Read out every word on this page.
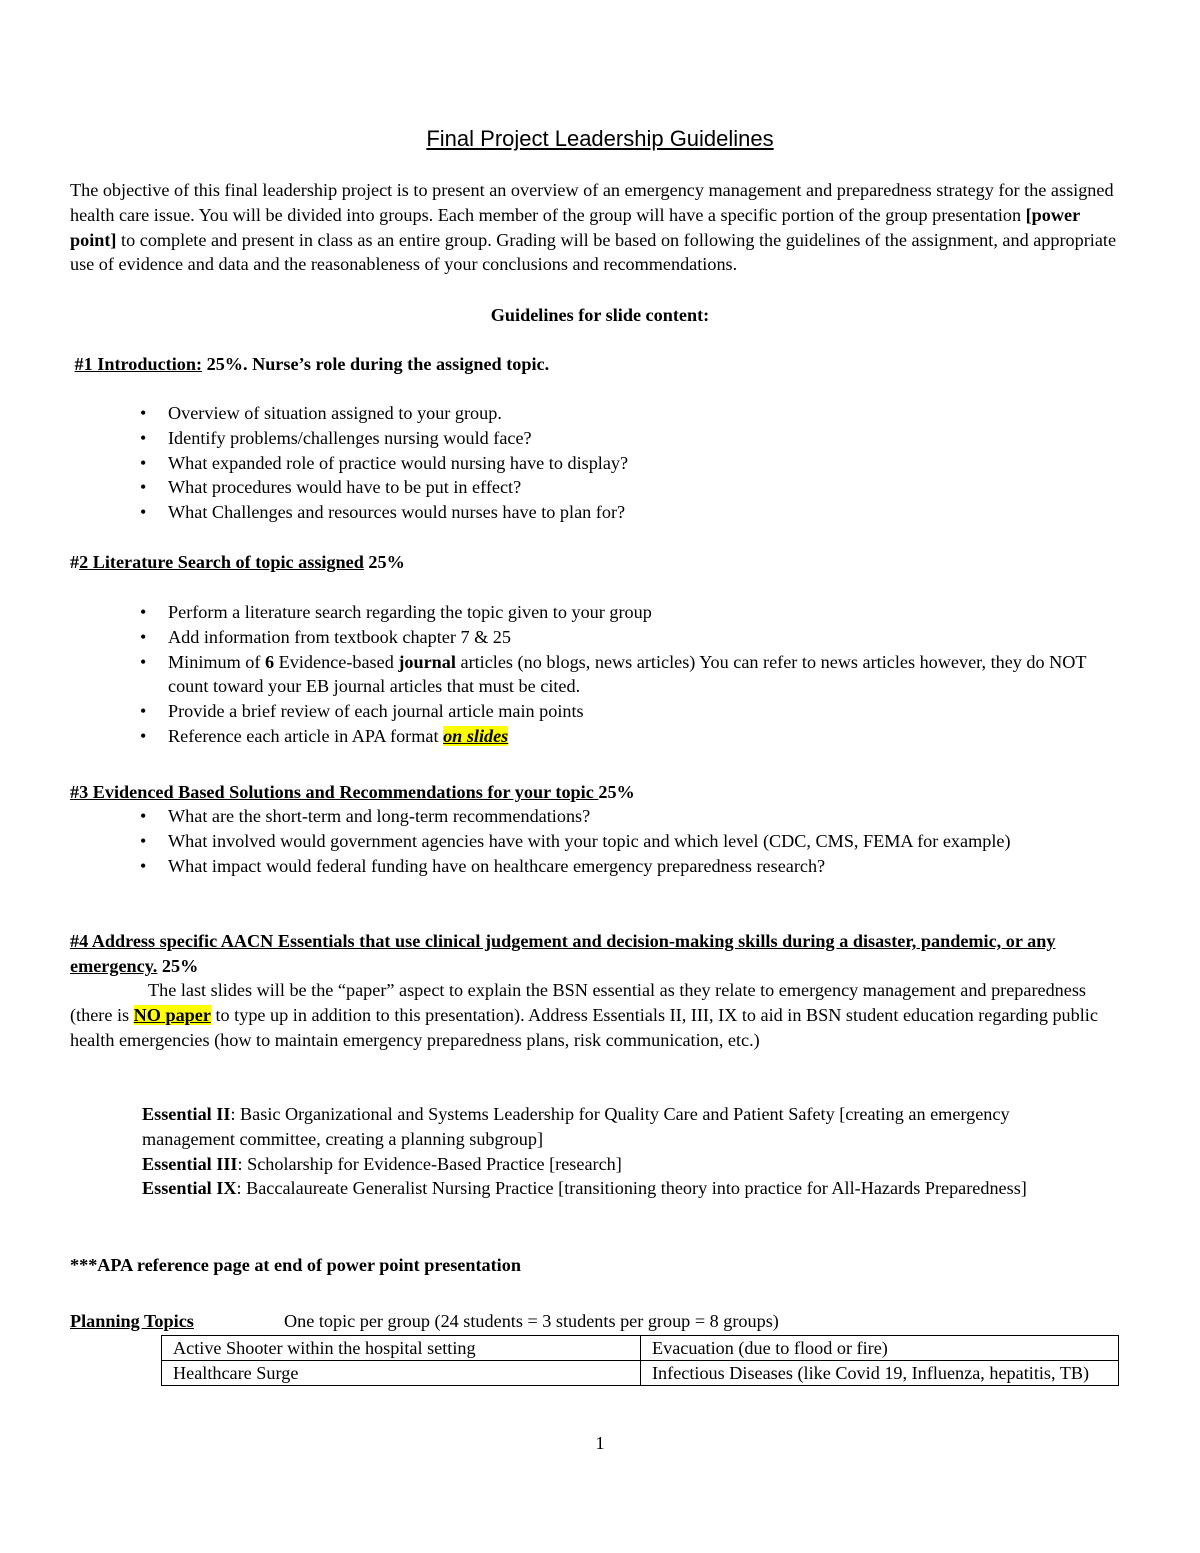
Final Project Leadership Guidelines

The objective of this final leadership project is to present an overview of an emergency management and preparedness strategy for the assigned health care issue. You will be divided into groups. Each member of the group will have a specific portion of the group presentation [power point] to complete and present in class as an entire group. Grading will be based on following the guidelines of the assignment, and appropriate use of evidence and data and the reasonableness of your conclusions and recommendations.

Guidelines for slide content:

#1 Introduction: 25%. Nurse’s role during the assigned topic.

• Overview of situation assigned to your group.
• Identify problems/challenges nursing would face?
• What expanded role of practice would nursing have to display?
• What procedures would have to be put in effect?
• What Challenges and resources would nurses have to plan for?

#2 Literature Search of topic assigned 25%

• Perform a literature search regarding the topic given to your group
• Add information from textbook chapter 7 & 25
• Minimum of 6 Evidence-based journal articles (no blogs, news articles) You can refer to news articles however, they do NOT count toward your EB journal articles that must be cited.
• Provide a brief review of each journal article main points
• Reference each article in APA format on slides

#3 Evidenced Based Solutions and Recommendations for your topic 25%

• What are the short-term and long-term recommendations?
• What involved would government agencies have with your topic and which level (CDC, CMS, FEMA for example)
• What impact would federal funding have on healthcare emergency preparedness research?

#4 Address specific AACN Essentials that use clinical judgement and decision-making skills during a disaster, pandemic, or any emergency. 25%

The last slides will be the “paper” aspect to explain the BSN essential as they relate to emergency management and preparedness (there is NO paper to type up in addition to this presentation). Address Essentials II, III, IX to aid in BSN student education regarding public health emergencies (how to maintain emergency preparedness plans, risk communication, etc.)

Essential II: Basic Organizational and Systems Leadership for Quality Care and Patient Safety [creating an emergency management committee, creating a planning subgroup]
Essential III: Scholarship for Evidence-Based Practice [research]
Essential IX: Baccalaureate Generalist Nursing Practice [transitioning theory into practice for All-Hazards Preparedness]

***APA reference page at end of power point presentation

Planning Topics	One topic per group (24 students = 3 students per group = 8 groups)
Active Shooter within the hospital setting	Evacuation (due to flood or fire)
Healthcare Surge	Infectious Diseases (like Covid 19, Influenza, hepatitis, TB)
1
